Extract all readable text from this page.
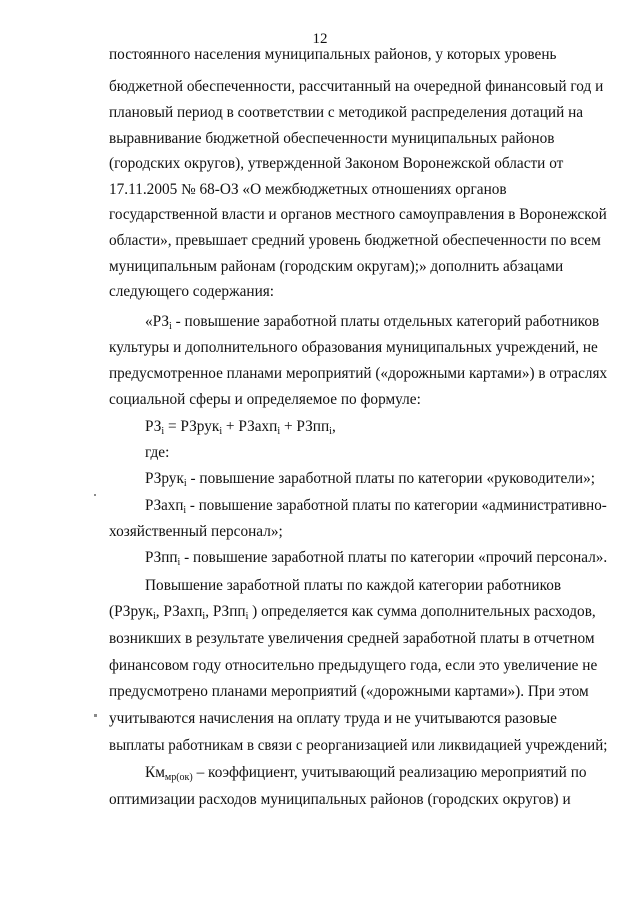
12
постоянного населения муниципальных районов, у которых уровень
бюджетной обеспеченности, рассчитанный на очередной финансовый год и
плановый период в соответствии с методикой распределения дотаций на
выравнивание бюджетной обеспеченности муниципальных районов
(городских округов), утвержденной Законом Воронежской области от
17.11.2005 № 68-ОЗ «О межбюджетных отношениях органов
государственной власти и органов местного самоуправления в Воронежской
области», превышает средний уровень бюджетной обеспеченности по всем
муниципальным районам (городским округам);» дополнить абзацами
следующего содержания:
«РЗi - повышение заработной платы отдельных категорий работников
культуры и дополнительного образования муниципальных учреждений, не
предусмотренное планами мероприятий («дорожными картами») в отраслях
социальной сферы и определяемое по формуле:
РЗi = РЗрукi + РЗахпi + РЗппi,
где:
РЗрукi - повышение заработной платы по категории «руководители»;
РЗахпi - повышение заработной платы по категории «административно-
хозяйственный персонал»;
РЗппi - повышение заработной платы по категории «прочий персонал».
Повышение заработной платы по каждой категории работников
(РЗрукi, РЗахпi, РЗппi ) определяется как сумма дополнительных расходов,
возникших в результате увеличения средней заработной платы в отчетном
финансовом году относительно предыдущего года, если это увеличение не
предусмотрено планами мероприятий («дорожными картами»). При этом
учитываются начисления на оплату труда и не учитываются разовые
выплаты работникам в связи с реорганизацией или ликвидацией учреждений;
Кммр(ок) – коэффициент, учитывающий реализацию мероприятий по
оптимизации расходов муниципальных районов (городских округов) и
